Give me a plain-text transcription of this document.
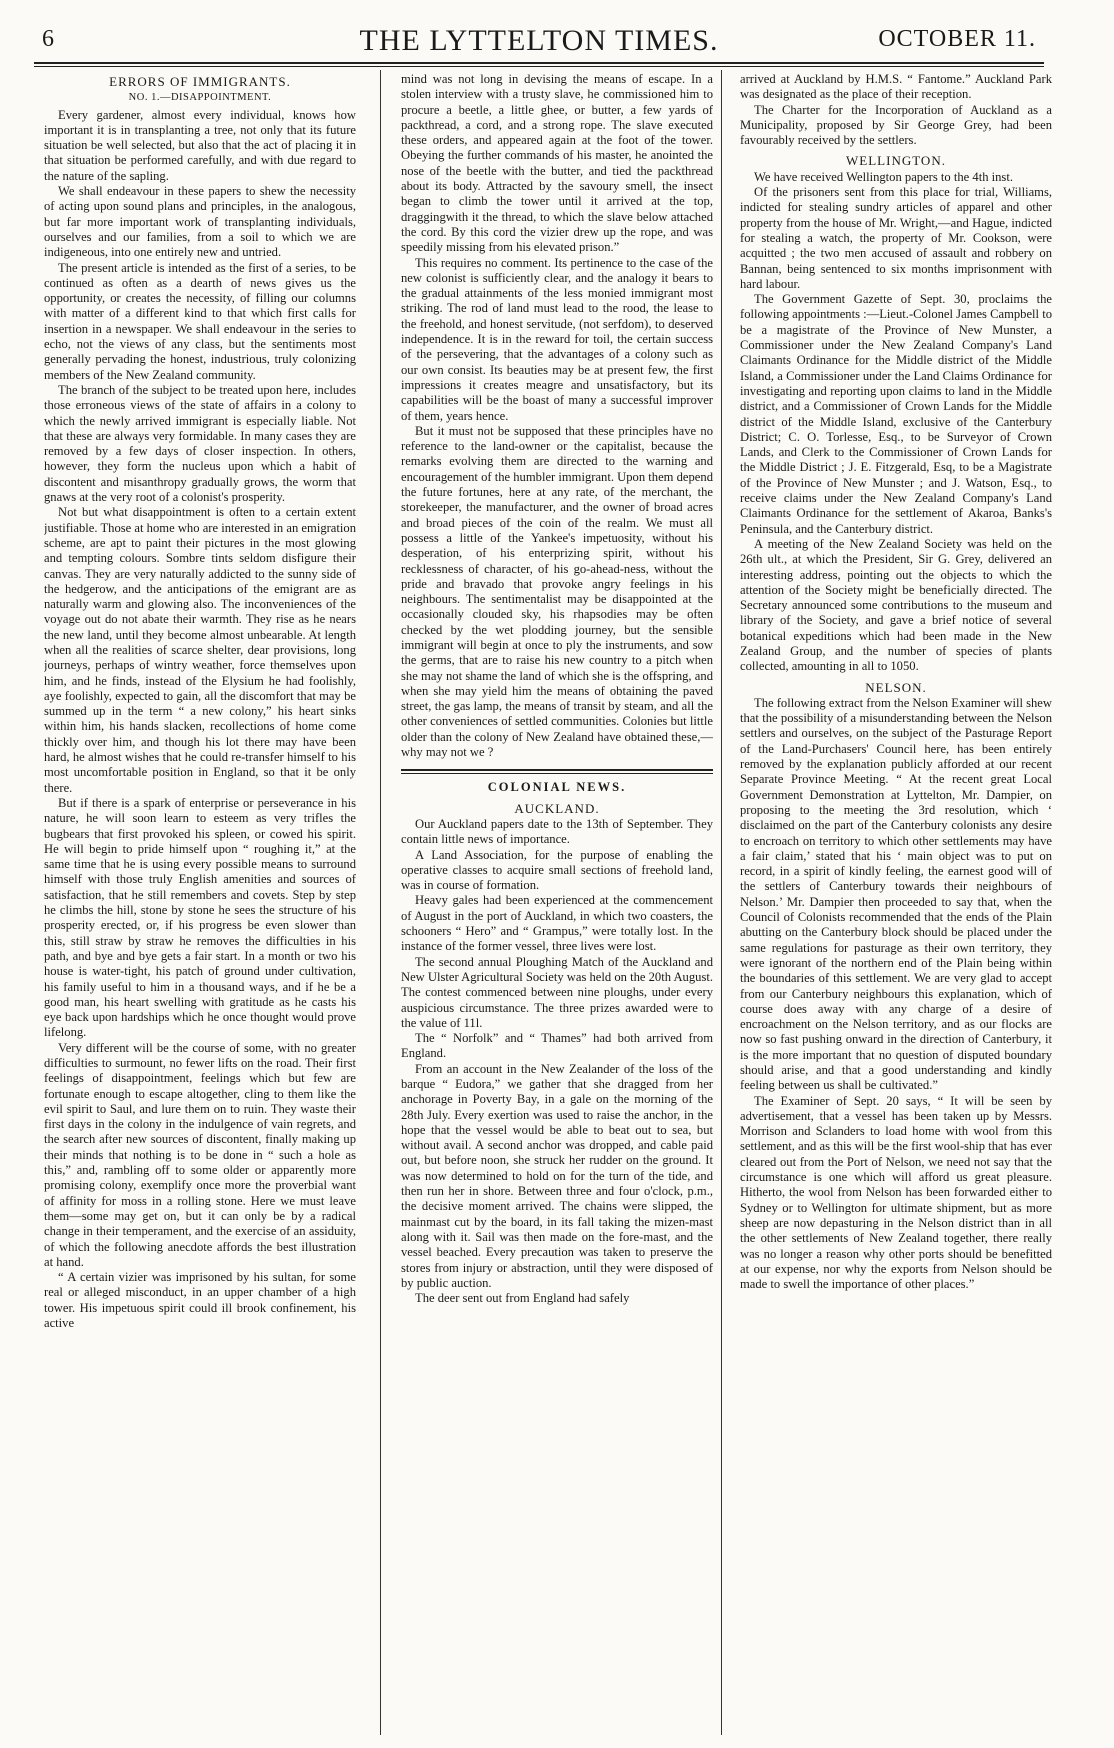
6	THE LYTTELTON TIMES.	OCTOBER 11.
ERRORS OF IMMIGRANTS.
NO. 1.—DISAPPOINTMENT.

Every gardener, almost every individual, knows how important it is in transplanting a tree, not only that its future situation be well selected, but also that the act of placing it in that situation be performed carefully, and with due regard to the nature of the sapling.

We shall endeavour in these papers to shew the necessity of acting upon sound plans and principles, in the analogous, but far more important work of transplanting individuals, ourselves and our families, from a soil to which we are indigeneous, into one entirely new and untried.

The present article is intended as the first of a series, to be continued as often as a dearth of news gives us the opportunity, or creates the necessity, of filling our columns with matter of a different kind to that which first calls for insertion in a newspaper. We shall endeavour in the series to echo, not the views of any class, but the sentiments most generally pervading the honest, industrious, truly colonizing members of the New Zealand community.

The branch of the subject to be treated upon here, includes those erroneous views of the state of affairs in a colony to which the newly arrived immigrant is especially liable. Not that these are always very formidable. In many cases they are removed by a few days of closer inspection. In others, however, they form the nucleus upon which a habit of discontent and misanthropy gradually grows, the worm that gnaws at the very root of a colonist's prosperity.

Not but what disappointment is often to a certain extent justifiable. Those at home who are interested in an emigration scheme, are apt to paint their pictures in the most glowing and tempting colours. Sombre tints seldom disfigure their canvas. They are very naturally addicted to the sunny side of the hedgerow, and the anticipations of the emigrant are as naturally warm and glowing also. The inconveniences of the voyage out do not abate their warmth. They rise as he nears the new land, until they become almost unbearable. At length when all the realities of scarce shelter, dear provisions, long journeys, perhaps of wintry weather, force themselves upon him, and he finds, instead of the Elysium he had foolishly, aye foolishly, expected to gain, all the discomfort that may be summed up in the term “ a new colony,” his heart sinks within him, his hands slacken, recollections of home come thickly over him, and though his lot there may have been hard, he almost wishes that he could re-transfer himself to his most uncomfortable position in England, so that it be only there.

But if there is a spark of enterprise or perseverance in his nature, he will soon learn to esteem as very trifles the bugbears that first provoked his spleen, or cowed his spirit. He will begin to pride himself upon “ roughing it,” at the same time that he is using every possible means to surround himself with those truly English amenities and sources of satisfaction, that he still remembers and covets. Step by step he climbs the hill, stone by stone he sees the structure of his prosperity erected, or, if his progress be even slower than this, still straw by straw he removes the difficulties in his path, and bye and bye gets a fair start. In a month or two his house is water-tight, his patch of ground under cultivation, his family useful to him in a thousand ways, and if he be a good man, his heart swelling with gratitude as he casts his eye back upon hardships which he once thought would prove lifelong.

Very different will be the course of some, with no greater difficulties to surmount, no fewer lifts on the road. Their first feelings of disappointment, feelings which but few are fortunate enough to escape altogether, cling to them like the evil spirit to Saul, and lure them on to ruin. They waste their first days in the colony in the indulgence of vain regrets, and the search after new sources of discontent, finally making up their minds that nothing is to be done in “ such a hole as this,” and, rambling off to some older or apparently more promising colony, exemplify once more the proverbial want of affinity for moss in a rolling stone. Here we must leave them—some may get on, but it can only be by a radical change in their temperament, and the exercise of an assiduity, of which the following anecdote affords the best illustration at hand.

“ A certain vizier was imprisoned by his sultan, for some real or alleged misconduct, in an upper chamber of a high tower. His impetuous spirit could ill brook confinement, his active

mind was not long in devising the means of escape. In a stolen interview with a trusty slave, he commissioned him to procure a beetle, a little ghee, or butter, a few yards of packthread, a cord, and a strong rope. The slave executed these orders, and appeared again at the foot of the tower. Obeying the further commands of his master, he anointed the nose of the beetle with the butter, and tied the packthread about its body. Attracted by the savoury smell, the insect began to climb the tower until it arrived at the top, draggingwith it the thread, to which the slave below attached the cord. By this cord the vizier drew up the rope, and was speedily missing from his elevated prison.”

This requires no comment. Its pertinence to the case of the new colonist is sufficiently clear, and the analogy it bears to the gradual attainments of the less monied immigrant most striking. The rod of land must lead to the rood, the lease to the freehold, and honest servitude, (not serfdom), to deserved independence. It is in the reward for toil, the certain success of the persevering, that the advantages of a colony such as our own consist. Its beauties may be at present few, the first impressions it creates meagre and unsatisfactory, but its capabilities will be the boast of many a successful improver of them, years hence.

But it must not be supposed that these principles have no reference to the land-owner or the capitalist, because the remarks evolving them are directed to the warning and encouragement of the humbler immigrant. Upon them depend the future fortunes, here at any rate, of the merchant, the storekeeper, the manufacturer, and the owner of broad acres and broad pieces of the coin of the realm. We must all possess a little of the Yankee's impetuosity, without his desperation, of his enterprizing spirit, without his recklessness of character, of his go-ahead-ness, without the pride and bravado that provoke angry feelings in his neighbours. The sentimentalist may be disappointed at the occasionally clouded sky, his rhapsodies may be often checked by the wet plodding journey, but the sensible immigrant will begin at once to ply the instruments, and sow the germs, that are to raise his new country to a pitch when she may not shame the land of which she is the offspring, and when she may yield him the means of obtaining the paved street, the gas lamp, the means of transit by steam, and all the other conveniences of settled communities. Colonies but little older than the colony of New Zealand have obtained these,—why may not we ?

COLONIAL NEWS.
AUCKLAND.

Our Auckland papers date to the 13th of September. They contain little news of importance.

A Land Association, for the purpose of enabling the operative classes to acquire small sections of freehold land, was in course of formation.

Heavy gales had been experienced at the commencement of August in the port of Auckland, in which two coasters, the schooners “ Hero” and “ Grampus,” were totally lost. In the instance of the former vessel, three lives were lost.

The second annual Ploughing Match of the Auckland and New Ulster Agricultural Society was held on the 20th August. The contest commenced between nine ploughs, under every auspicious circumstance. The three prizes awarded were to the value of 11l.

The “ Norfolk” and “ Thames” had both arrived from England.

From an account in the New Zealander of the loss of the barque “ Eudora,” we gather that she dragged from her anchorage in Poverty Bay, in a gale on the morning of the 28th July. Every exertion was used to raise the anchor, in the hope that the vessel would be able to beat out to sea, but without avail. A second anchor was dropped, and cable paid out, but before noon, she struck her rudder on the ground. It was now determined to hold on for the turn of the tide, and then run her in shore. Between three and four o'clock, p.m., the decisive moment arrived. The chains were slipped, the mainmast cut by the board, in its fall taking the mizen-mast along with it. Sail was then made on the fore-mast, and the vessel beached. Every precaution was taken to preserve the stores from injury or abstraction, until they were disposed of by public auction.

The deer sent out from England had safely

arrived at Auckland by H.M.S. “ Fantome.” Auckland Park was designated as the place of their reception.

The Charter for the Incorporation of Auckland as a Municipality, proposed by Sir George Grey, had been favourably received by the settlers.

WELLINGTON.

We have received Wellington papers to the 4th inst.

Of the prisoners sent from this place for trial, Williams, indicted for stealing sundry articles of apparel and other property from the house of Mr. Wright,—and Hague, indicted for stealing a watch, the property of Mr. Cookson, were acquitted ; the two men accused of assault and robbery on Bannan, being sentenced to six months imprisonment with hard labour.

The Government Gazette of Sept. 30, proclaims the following appointments :—Lieut.-Colonel James Campbell to be a magistrate of the Province of New Munster, a Commissioner under the New Zealand Company's Land Claimants Ordinance for the Middle district of the Middle Island, a Commissioner under the Land Claims Ordinance for investigating and reporting upon claims to land in the Middle district, and a Commissioner of Crown Lands for the Middle district of the Middle Island, exclusive of the Canterbury District; C. O. Torlesse, Esq., to be Surveyor of Crown Lands, and Clerk to the Commissioner of Crown Lands for the Middle District ; J. E. Fitzgerald, Esq, to be a Magistrate of the Province of New Munster ; and J. Watson, Esq., to receive claims under the New Zealand Company's Land Claimants Ordinance for the settlement of Akaroa, Banks's Peninsula, and the Canterbury district.

A meeting of the New Zealand Society was held on the 26th ult., at which the President, Sir G. Grey, delivered an interesting address, pointing out the objects to which the attention of the Society might be beneficially directed. The Secretary announced some contributions to the museum and library of the Society, and gave a brief notice of several botanical expeditions which had been made in the New Zealand Group, and the number of species of plants collected, amounting in all to 1050.

NELSON.

The following extract from the Nelson Examiner will shew that the possibility of a misunderstanding between the Nelson settlers and ourselves, on the subject of the Pasturage Report of the Land-Purchasers' Council here, has been entirely removed by the explanation publicly afforded at our recent Separate Province Meeting. “ At the recent great Local Government Demonstration at Lyttelton, Mr. Dampier, on proposing to the meeting the 3rd resolution, which ‘ disclaimed on the part of the Canterbury colonists any desire to encroach on territory to which other settlements may have a fair claim,’ stated that his ‘ main object was to put on record, in a spirit of kindly feeling, the earnest good will of the settlers of Canterbury towards their neighbours of Nelson.’ Mr. Dampier then proceeded to say that, when the Council of Colonists recommended that the ends of the Plain abutting on the Canterbury block should be placed under the same regulations for pasturage as their own territory, they were ignorant of the northern end of the Plain being within the boundaries of this settlement. We are very glad to accept from our Canterbury neighbours this explanation, which of course does away with any charge of a desire of encroachment on the Nelson territory, and as our flocks are now so fast pushing onward in the direction of Canterbury, it is the more important that no question of disputed boundary should arise, and that a good understanding and kindly feeling between us shall be cultivated.”

The Examiner of Sept. 20 says, “ It will be seen by advertisement, that a vessel has been taken up by Messrs. Morrison and Sclanders to load home with wool from this settlement, and as this will be the first wool-ship that has ever cleared out from the Port of Nelson, we need not say that the circumstance is one which will afford us great pleasure. Hitherto, the wool from Nelson has been forwarded either to Sydney or to Wellington for ultimate shipment, but as more sheep are now depasturing in the Nelson district than in all the other settlements of New Zealand together, there really was no longer a reason why other ports should be benefitted at our expense, nor why the exports from Nelson should be made to swell the importance of other places.”
